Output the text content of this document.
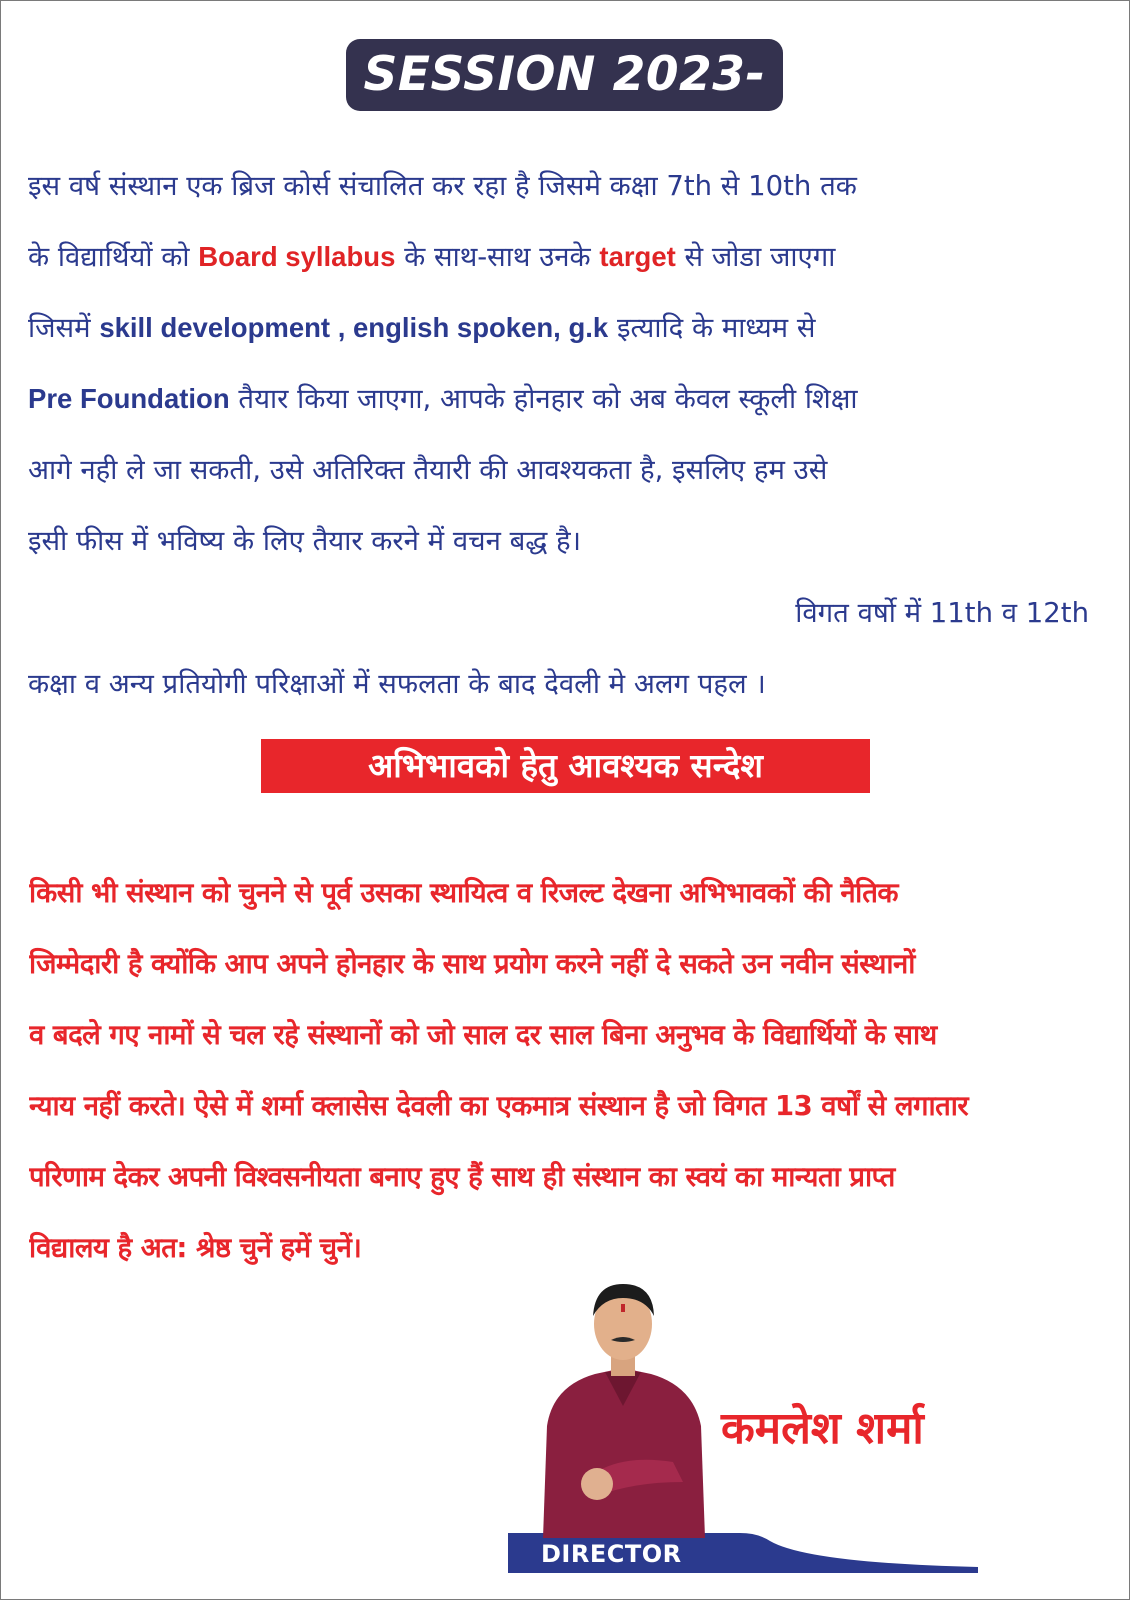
SESSION 2023-24
इस वर्ष संस्थान एक ब्रिज कोर्स संचालित कर रहा है जिसमे कक्षा 7th से 10th तक
के विद्यार्थियों को Board syllabus के साथ-साथ उनके target से जोडा जाएगा
जिसमें skill development , english spoken, g.k इत्यादि के माध्यम से
Pre Foundation तैयार किया जाएगा, आपके होनहार को अब केवल स्कूली शिक्षा
आगे नही ले जा सकती, उसे अतिरिक्त तैयारी की आवश्यकता है, इसलिए हम उसे
इसी फीस में भविष्य के लिए तैयार करने में वचन बद्ध है।
विगत वर्षो में 11th व 12th
कक्षा व अन्य प्रतियोगी परिक्षाओं में सफलता के बाद देवली मे अलग पहल ।
अभिभावको हेतु आवश्यक सन्देश
किसी भी संस्थान को चुनने से पूर्व उसका स्थायित्व व रिजल्ट देखना अभिभावकों की नैतिक
जिम्मेदारी है क्योंकि आप अपने होनहार के साथ प्रयोग करने नहीं दे सकते उन नवीन संस्थानों
व बदले गए नामों से चल रहे संस्थानों को जो साल दर साल बिना अनुभव के विद्यार्थियों के साथ
न्याय नहीं करते। ऐसे में शर्मा क्लासेस देवली का एकमात्र संस्थान है जो विगत 13 वर्षों से लगातार
परिणाम देकर अपनी विश्वसनीयता बनाए हुए हैं साथ ही संस्थान का स्वयं का मान्यता प्राप्त
विद्यालय है अत: श्रेष्ठ चुनें हमें चुनें।
कमलेश शर्मा
DIRECTOR
